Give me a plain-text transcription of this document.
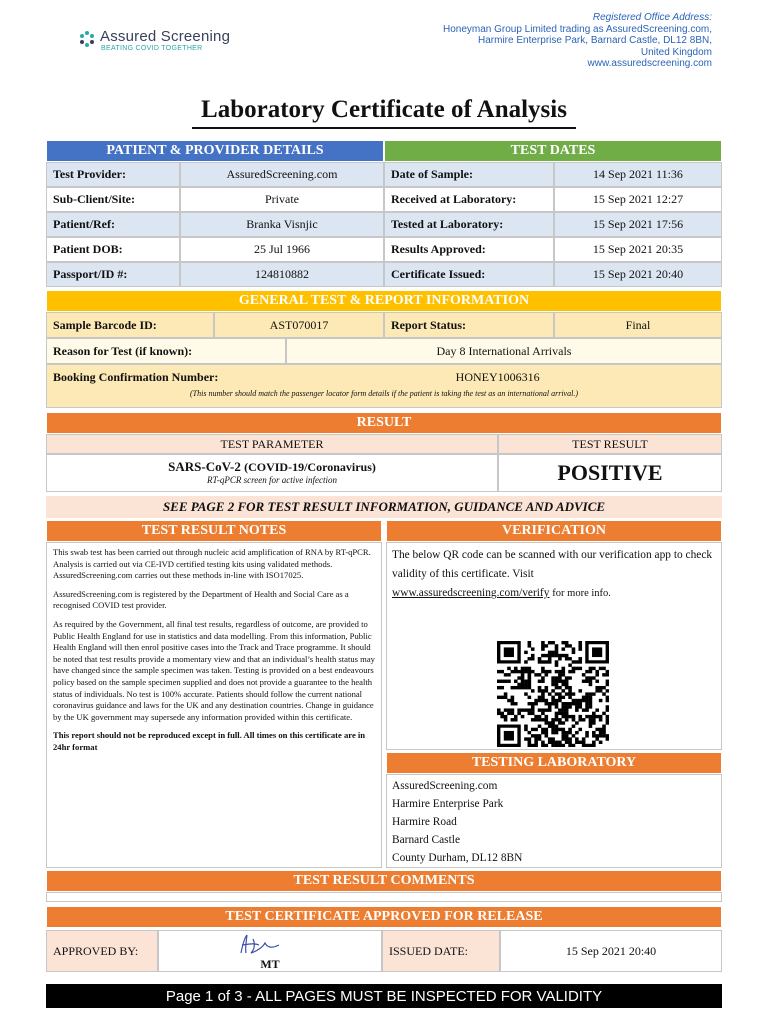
Assured Screening
BEATING COVID TOGETHER
Registered Office Address:
Honeyman Group Limited trading as AssuredScreening.com,
Harmire Enterprise Park, Barnard Castle, DL12 8BN,
United Kingdom
www.assuredscreening.com
Laboratory Certificate of Analysis
PATIENT & PROVIDER DETAILS	TEST DATES
Test Provider:	AssuredScreening.com	Date of Sample:	14 Sep 2021 11:36
Sub-Client/Site:	Private	Received at Laboratory:	15 Sep 2021 12:27
Patient/Ref:	Branka Visnjic	Tested at Laboratory:	15 Sep 2021 17:56
Patient DOB:	25 Jul 1966	Results Approved:	15 Sep 2021 20:35
Passport/ID #:	124810882	Certificate Issued:	15 Sep 2021 20:40
GENERAL TEST & REPORT INFORMATION
Sample Barcode ID:	AST070017	Report Status:	Final
Reason for Test (if known):	Day 8 International Arrivals
Booking Confirmation Number:	HONEY1006316
(This number should match the passenger locator form details if the patient is taking the test as an international arrival.)
RESULT
TEST PARAMETER	TEST RESULT
SARS-CoV-2 (COVID-19/Coronavirus)
RT-qPCR screen for active infection	POSITIVE
SEE PAGE 2 FOR TEST RESULT INFORMATION, GUIDANCE AND ADVICE
TEST RESULT NOTES

This swab test has been carried out through nucleic acid amplification of RNA by RT-qPCR. Analysis is carried out via CE-IVD certified testing kits using validated methods. AssuredScreening.com carries out these methods in-line with ISO17025.

AssuredScreening.com is registered by the Department of Health and Social Care as a recognised COVID test provider.

As required by the Government, all final test results, regardless of outcome, are provided to Public Health England for use in statistics and data modelling. From this information, Public Health England will then enrol positive cases into the Track and Trace programme. It should be noted that test results provide a momentary view and that an individual’s health status may have changed since the sample specimen was taken. Testing is provided on a best endeavours policy based on the sample specimen supplied and does not provide a guarantee to the health status of individuals. No test is 100% accurate. Patients should follow the current national coronavirus guidance and laws for the UK and any destination countries. Change in guidance by the UK government may supersede any information provided within this certificate.

This report should not be reproduced except in full. All times on this certificate are in 24hr format

VERIFICATION
The below QR code can be scanned with our verification app to check validity of this certificate. Visit
www.assuredscreening.com/verify for more info.
TESTING LABORATORY
AssuredScreening.com
Harmire Enterprise Park
Harmire Road
Barnard Castle
County Durham, DL12 8BN
TEST RESULT COMMENTS
TEST CERTIFICATE APPROVED FOR RELEASE
APPROVED BY:
MT
ISSUED DATE:	15 Sep 2021 20:40
Page 1 of 3 - ALL PAGES MUST BE INSPECTED FOR VALIDITY
